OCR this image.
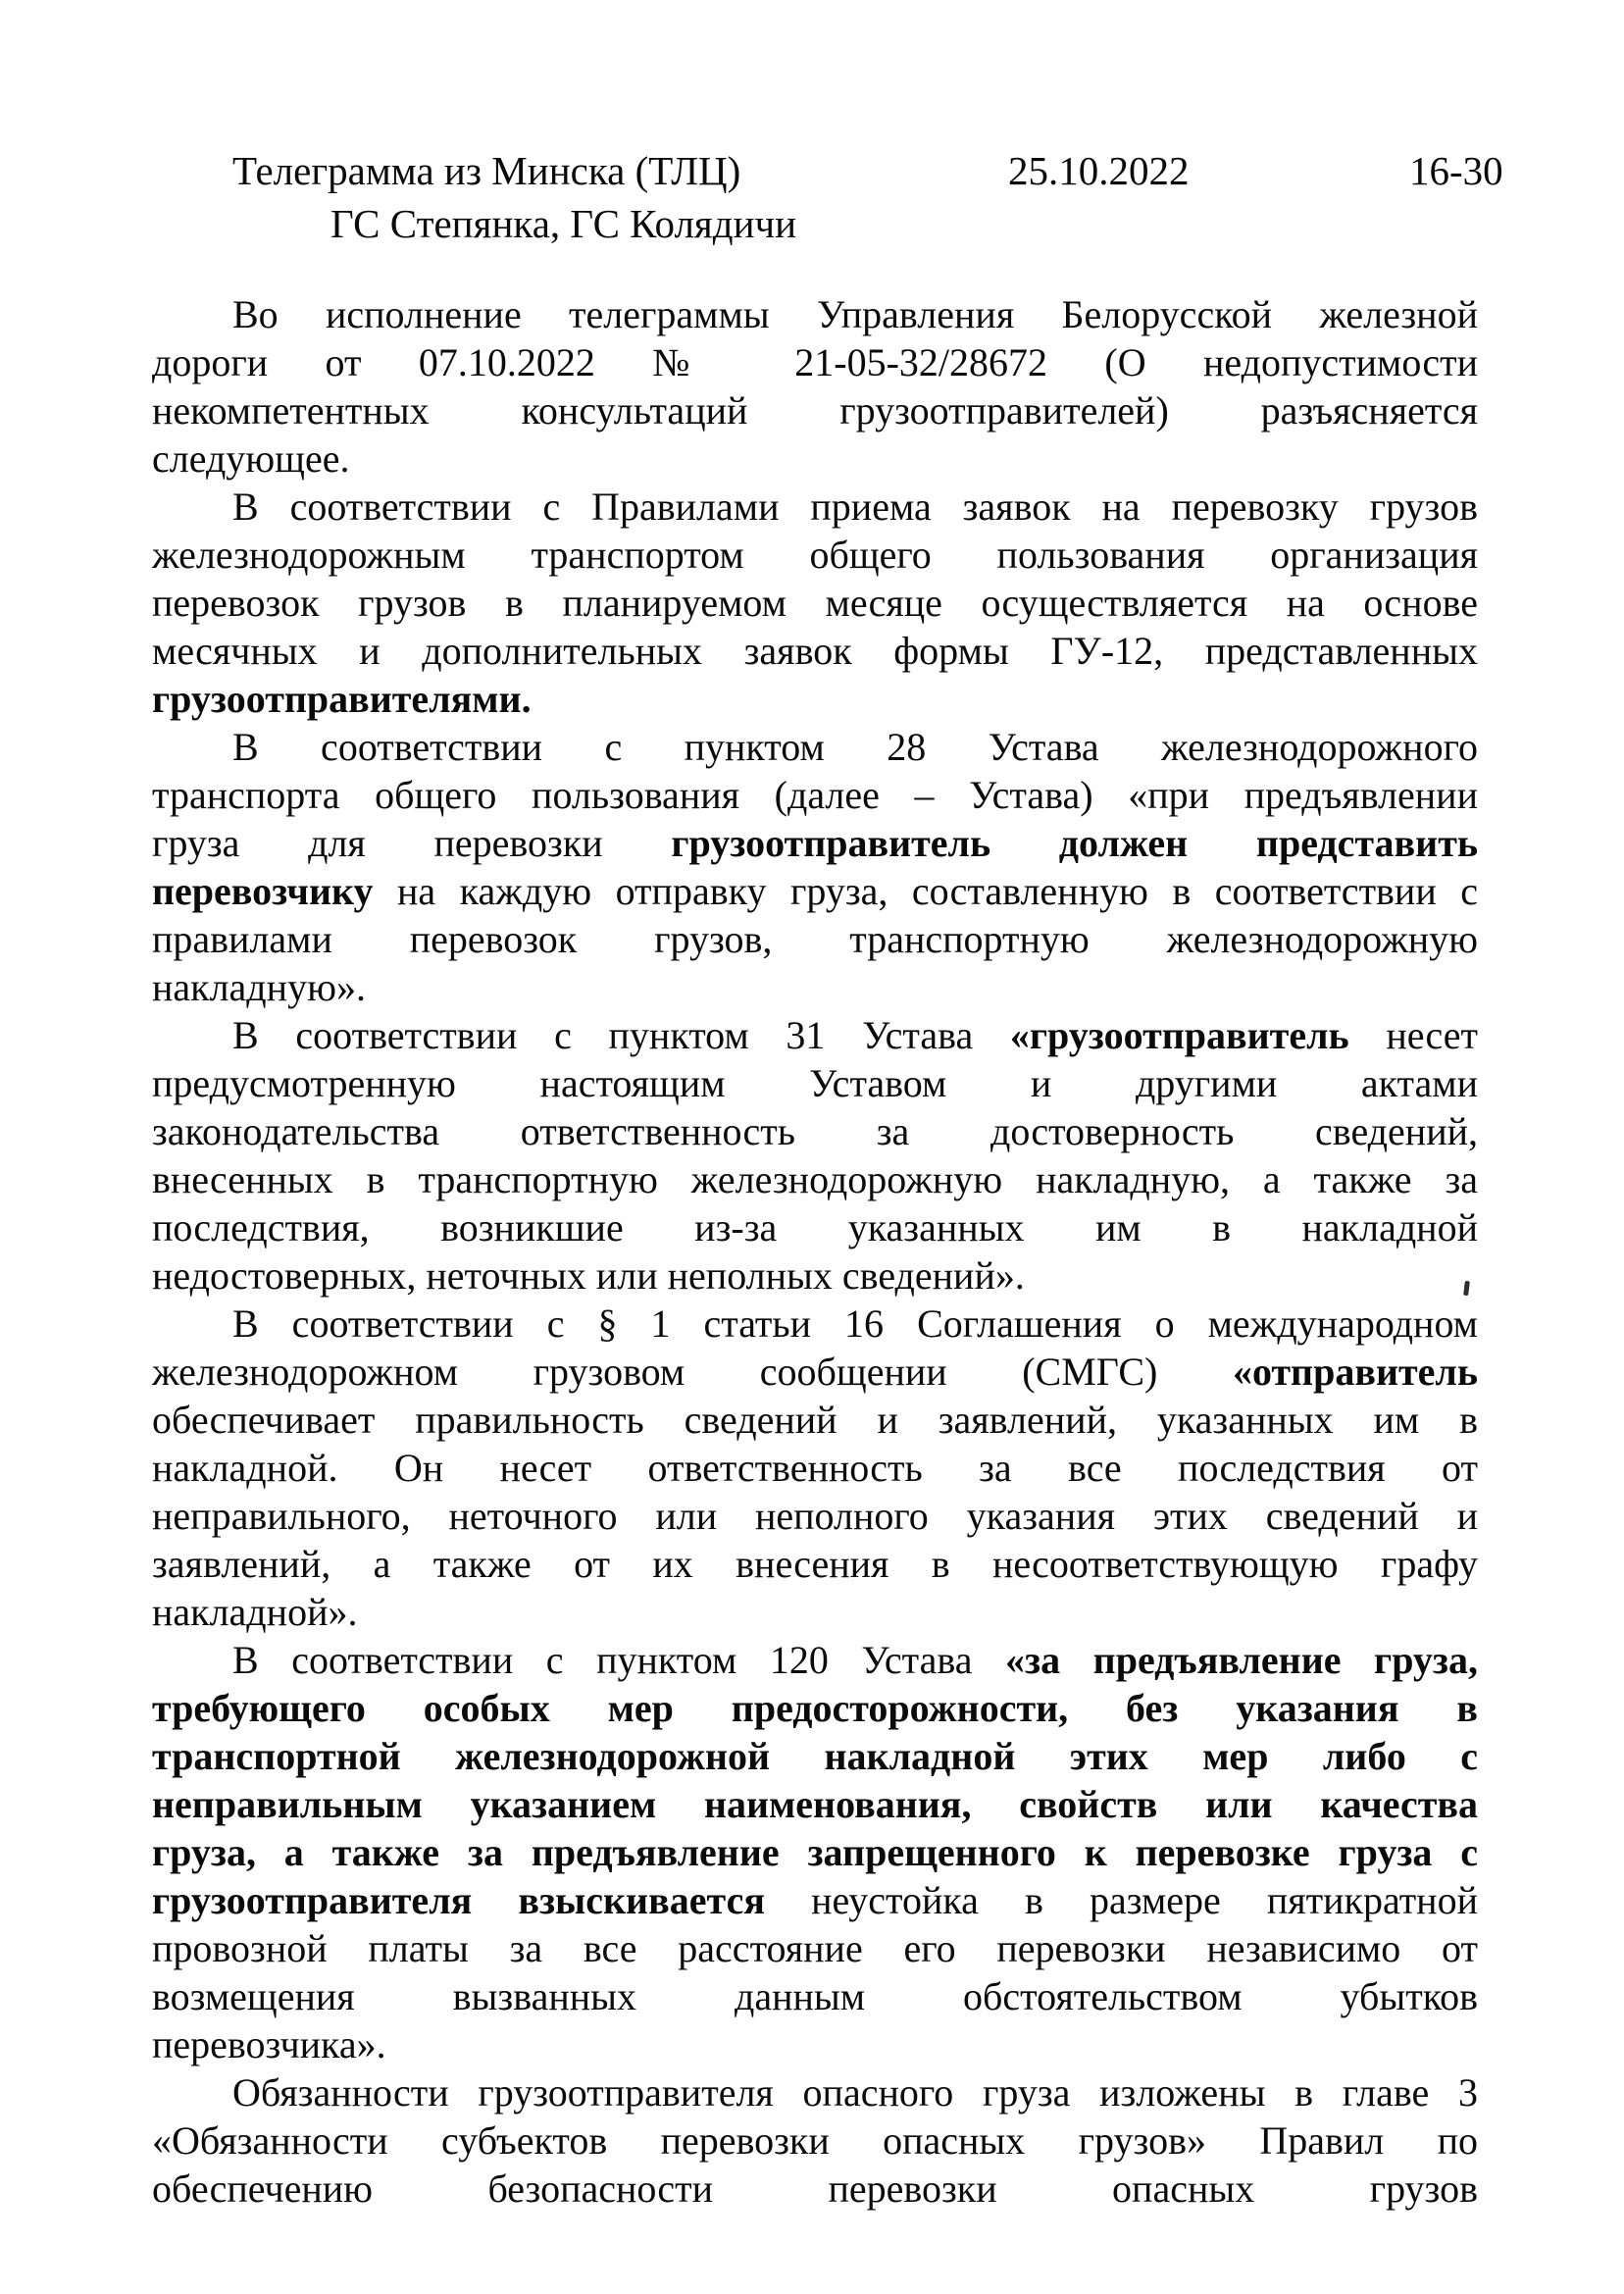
Телеграмма из Минска (ТЛЦ)
ГС Степянка, ГС Колядичи
25.10.2022	16-30
Во исполнение телеграммы Управления Белорусской железной
дороги от 07.10.2022 № 21-05-32/28672 (О недопустимости
некомпетентных консультаций грузоотправителей) разъясняется
следующее.
В соответствии с Правилами приема заявок на перевозку грузов
железнодорожным транспортом общего пользования организация
перевозок грузов в планируемом месяце осуществляется на основе
месячных и дополнительных заявок формы ГУ-12, представленных
грузоотправителями.
В соответствии с пунктом 28 Устава железнодорожного
транспорта общего пользования (далее – Устава) «при предъявлении
груза для перевозки грузоотправитель должен представить
перевозчику на каждую отправку груза, составленную в соответствии с
правилами перевозок грузов, транспортную железнодорожную
накладную».
В соответствии с пунктом 31 Устава «грузоотправитель несет
предусмотренную настоящим Уставом и другими актами
законодательства ответственность за достоверность сведений,
внесенных в транспортную железнодорожную накладную, а также за
последствия, возникшие из-за указанных им в накладной
недостоверных, неточных или неполных сведений».
В соответствии с § 1 статьи 16 Соглашения о международном
железнодорожном грузовом сообщении (СМГС) «отправитель
обеспечивает правильность сведений и заявлений, указанных им в
накладной. Он несет ответственность за все последствия от
неправильного, неточного или неполного указания этих сведений и
заявлений, а также от их внесения в несоответствующую графу
накладной».
В соответствии с пунктом 120 Устава «за предъявление груза,
требующего особых мер предосторожности, без указания в
транспортной железнодорожной накладной этих мер либо с
неправильным указанием наименования, свойств или качества
груза, а также за предъявление запрещенного к перевозке груза с
грузоотправителя взыскивается неустойка в размере пятикратной
провозной платы за все расстояние его перевозки независимо от
возмещения вызванных данным обстоятельством убытков
перевозчика».
Обязанности грузоотправителя опасного груза изложены в главе 3
«Обязанности субъектов перевозки опасных грузов» Правил по
обеспечению безопасности перевозки опасных грузов
